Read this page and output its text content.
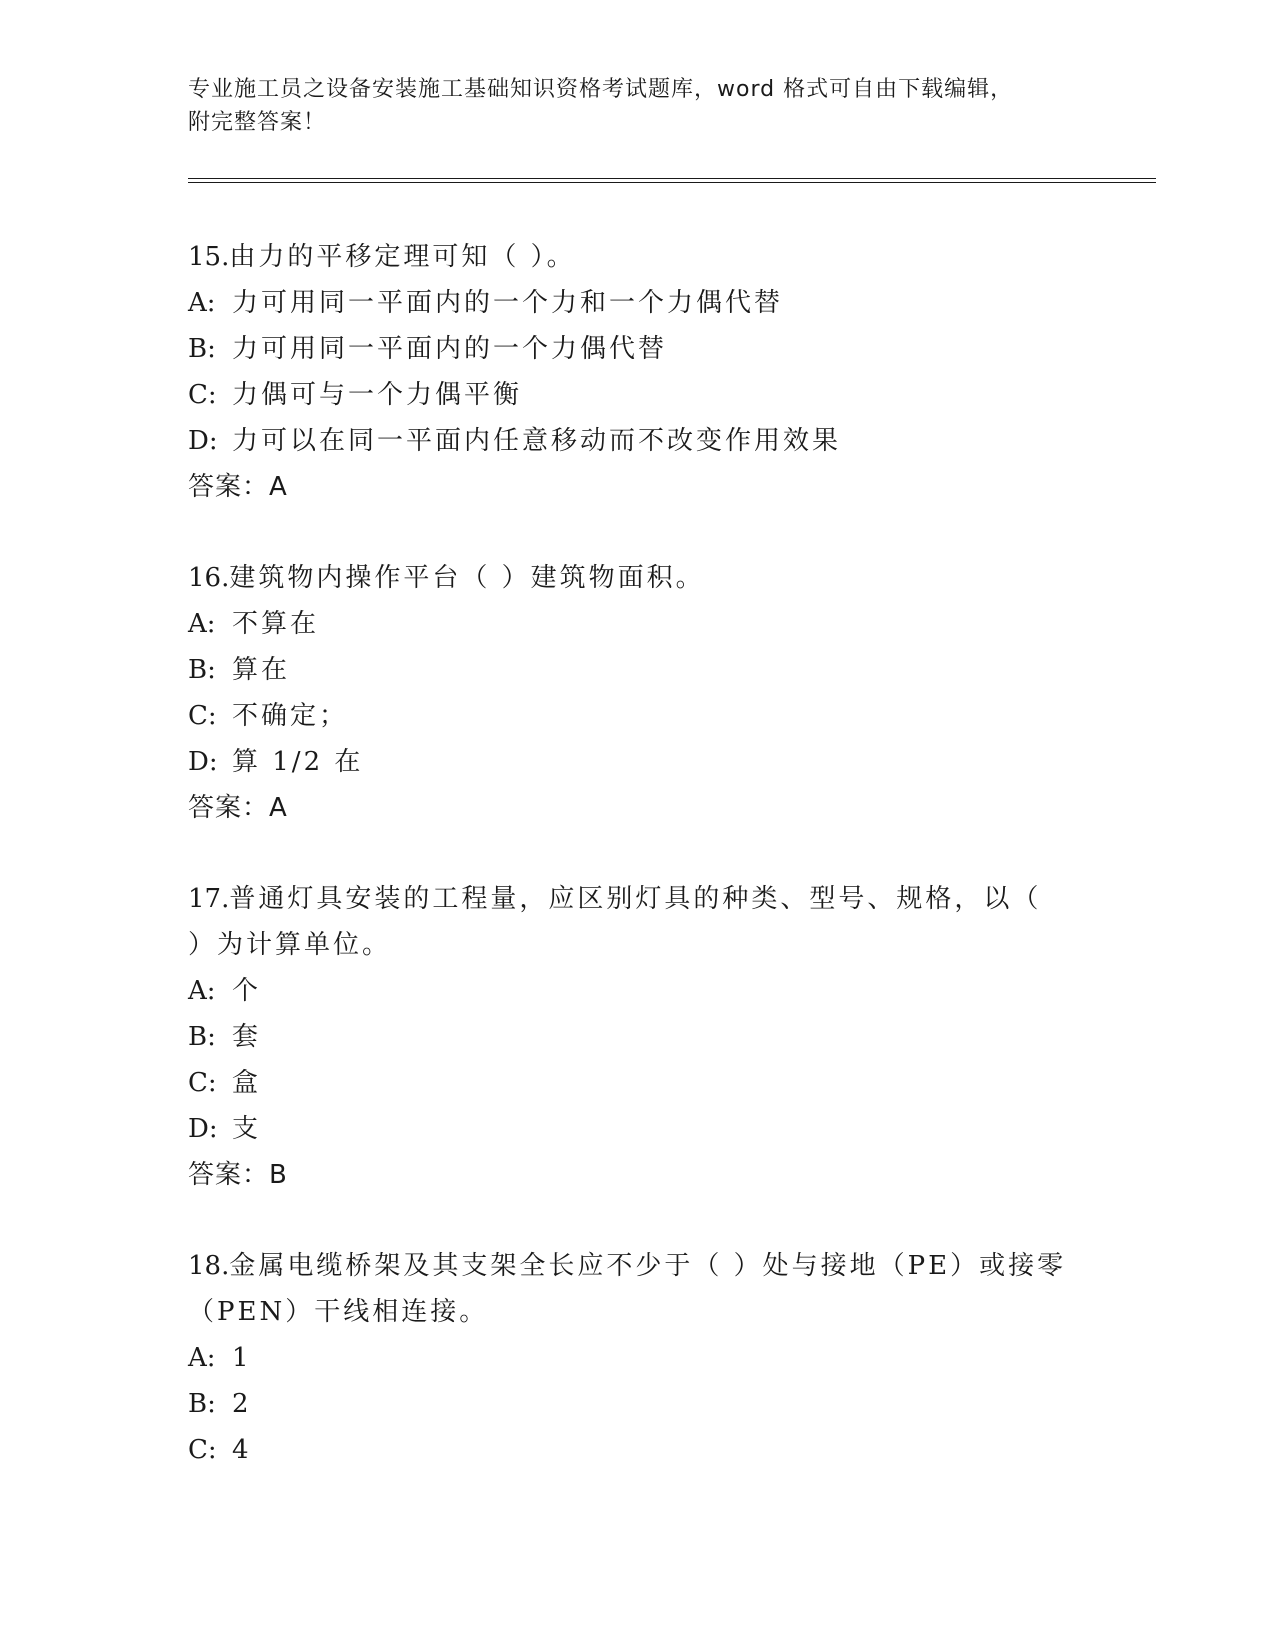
专业施工员之设备安装施工基础知识资格考试题库，word 格式可自由下载编辑，
附完整答案！
15.由力的平移定理可知（ ）。
A: 力可用同一平面内的一个力和一个力偶代替
B: 力可用同一平面内的一个力偶代替
C: 力偶可与一个力偶平衡
D: 力可以在同一平面内任意移动而不改变作用效果
答案：A
16.建筑物内操作平台（ ）建筑物面积。
A: 不算在
B: 算在
C: 不确定；
D: 算 1/2 在
答案：A
17.普通灯具安装的工程量，应区别灯具的种类、型号、规格，以（ ）为计算单位。
A: 个
B: 套
C: 盒
D: 支
答案：B
18.金属电缆桥架及其支架全长应不少于（ ）处与接地（PE）或接零（PEN）干线相连接。
A: 1
B: 2
C: 4
